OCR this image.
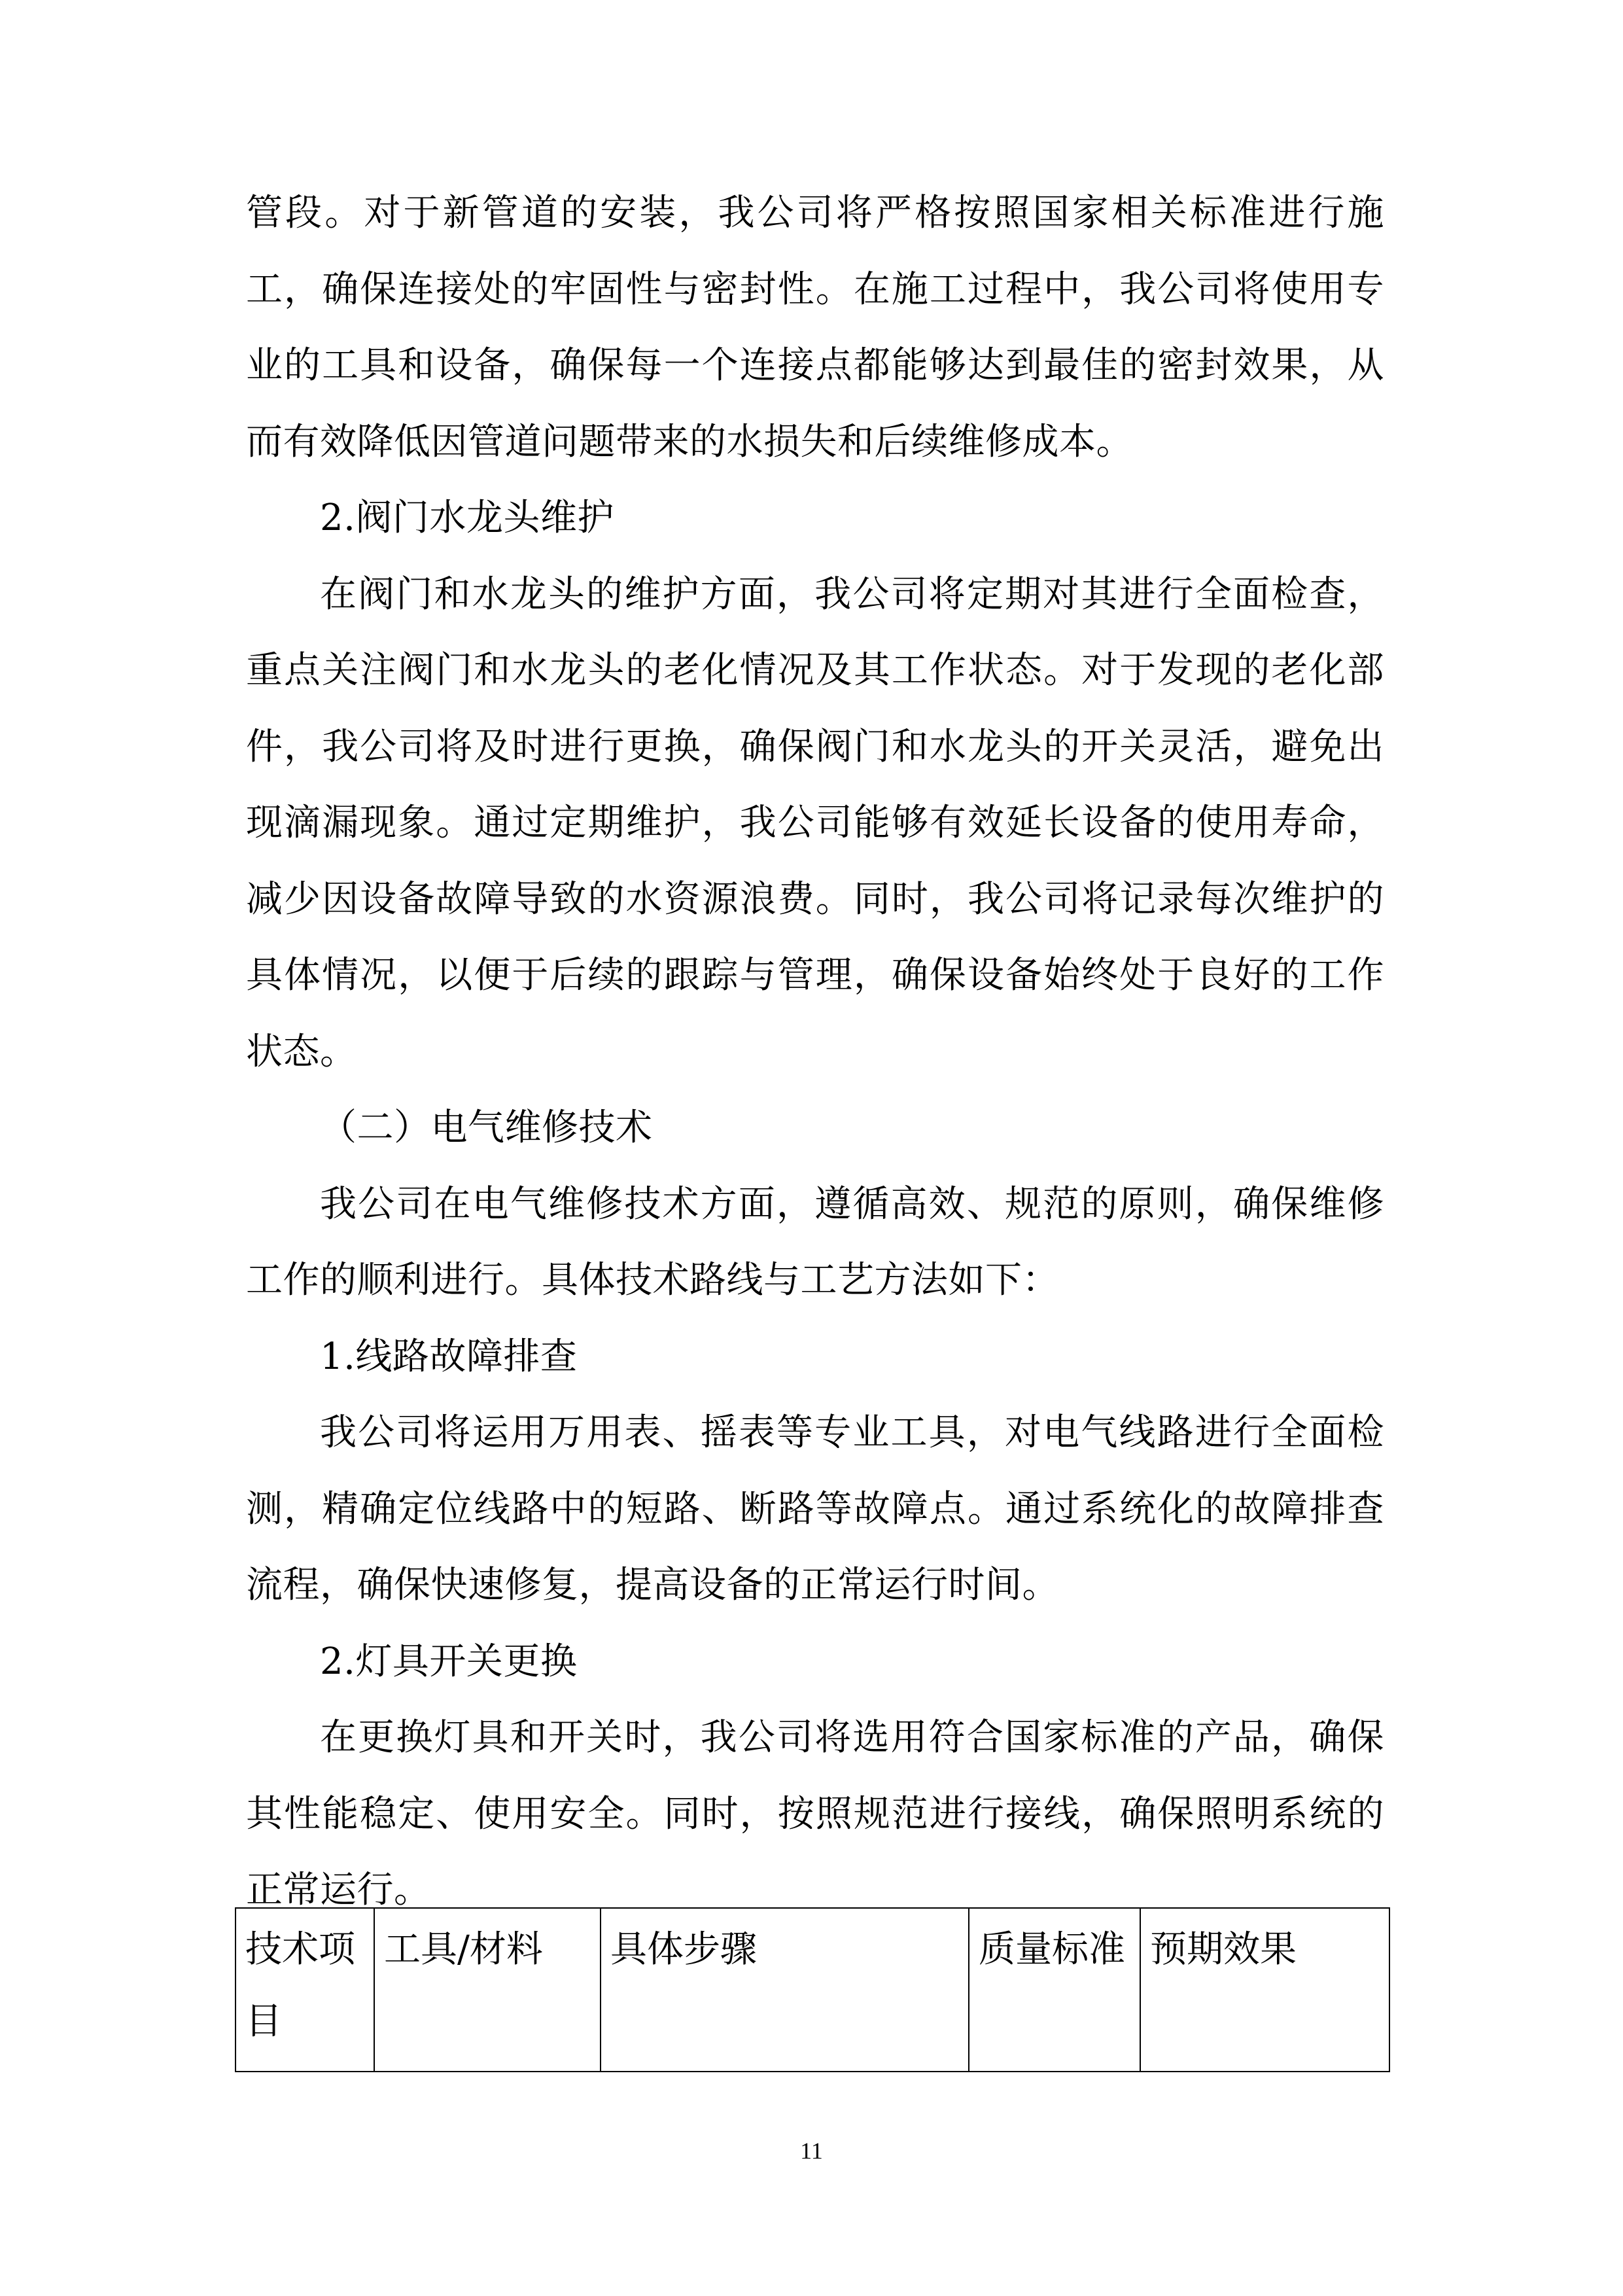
管段。对于新管道的安装，我公司将严格按照国家相关标准进行施工，确保连接处的牢固性与密封性。在施工过程中，我公司将使用专业的工具和设备，确保每一个连接点都能够达到最佳的密封效果，从而有效降低因管道问题带来的水损失和后续维修成本。

2.阀门水龙头维护

在阀门和水龙头的维护方面，我公司将定期对其进行全面检查，重点关注阀门和水龙头的老化情况及其工作状态。对于发现的老化部件，我公司将及时进行更换，确保阀门和水龙头的开关灵活，避免出现滴漏现象。通过定期维护，我公司能够有效延长设备的使用寿命，减少因设备故障导致的水资源浪费。同时，我公司将记录每次维护的具体情况，以便于后续的跟踪与管理，确保设备始终处于良好的工作状态。

（二）电气维修技术

我公司在电气维修技术方面，遵循高效、规范的原则，确保维修工作的顺利进行。具体技术路线与工艺方法如下：

1.线路故障排查

我公司将运用万用表、摇表等专业工具，对电气线路进行全面检测，精确定位线路中的短路、断路等故障点。通过系统化的故障排查流程，确保快速修复，提高设备的正常运行时间。

2.灯具开关更换

在更换灯具和开关时，我公司将选用符合国家标准的产品，确保其性能稳定、使用安全。同时，按照规范进行接线，确保照明系统的正常运行。

技术项目	工具/材料	具体步骤	质量标准	预期效果
11
